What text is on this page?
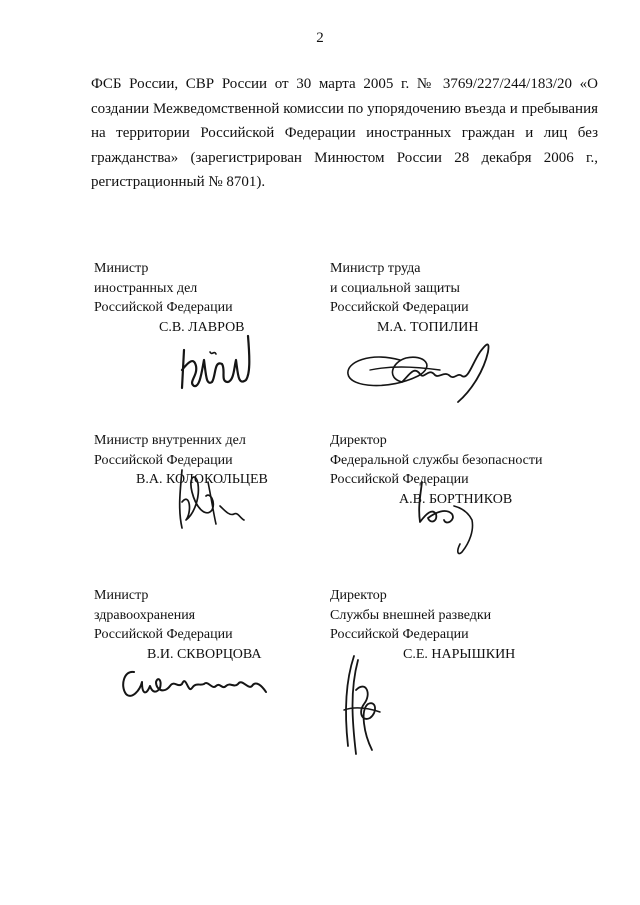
2

ФСБ России, СВР России от 30 марта 2005 г. № 3769/227/244/183/20 «О создании Межведомственной комиссии по упорядочению въезда и пребывания на территории Российской Федерации иностранных граждан и лиц без гражданства» (зарегистрирован Минюстом России 28 декабря 2006 г., регистрационный № 8701).

Министр
иностранных дел
Российской Федерации
С.В. ЛАВРОВ
Министр труда
и социальной защиты
Российской Федерации
М.А. ТОПИЛИН
Министр внутренних дел
Российской Федерации
В.А. КОЛОКОЛЬЦЕВ
Директор
Федеральной службы безопасности
Российской Федерации
А.В. БОРТНИКОВ
Министр
здравоохранения
Российской Федерации
В.И. СКВОРЦОВА
Директор
Службы внешней разведки
Российской Федерации
С.Е. НАРЫШКИН
